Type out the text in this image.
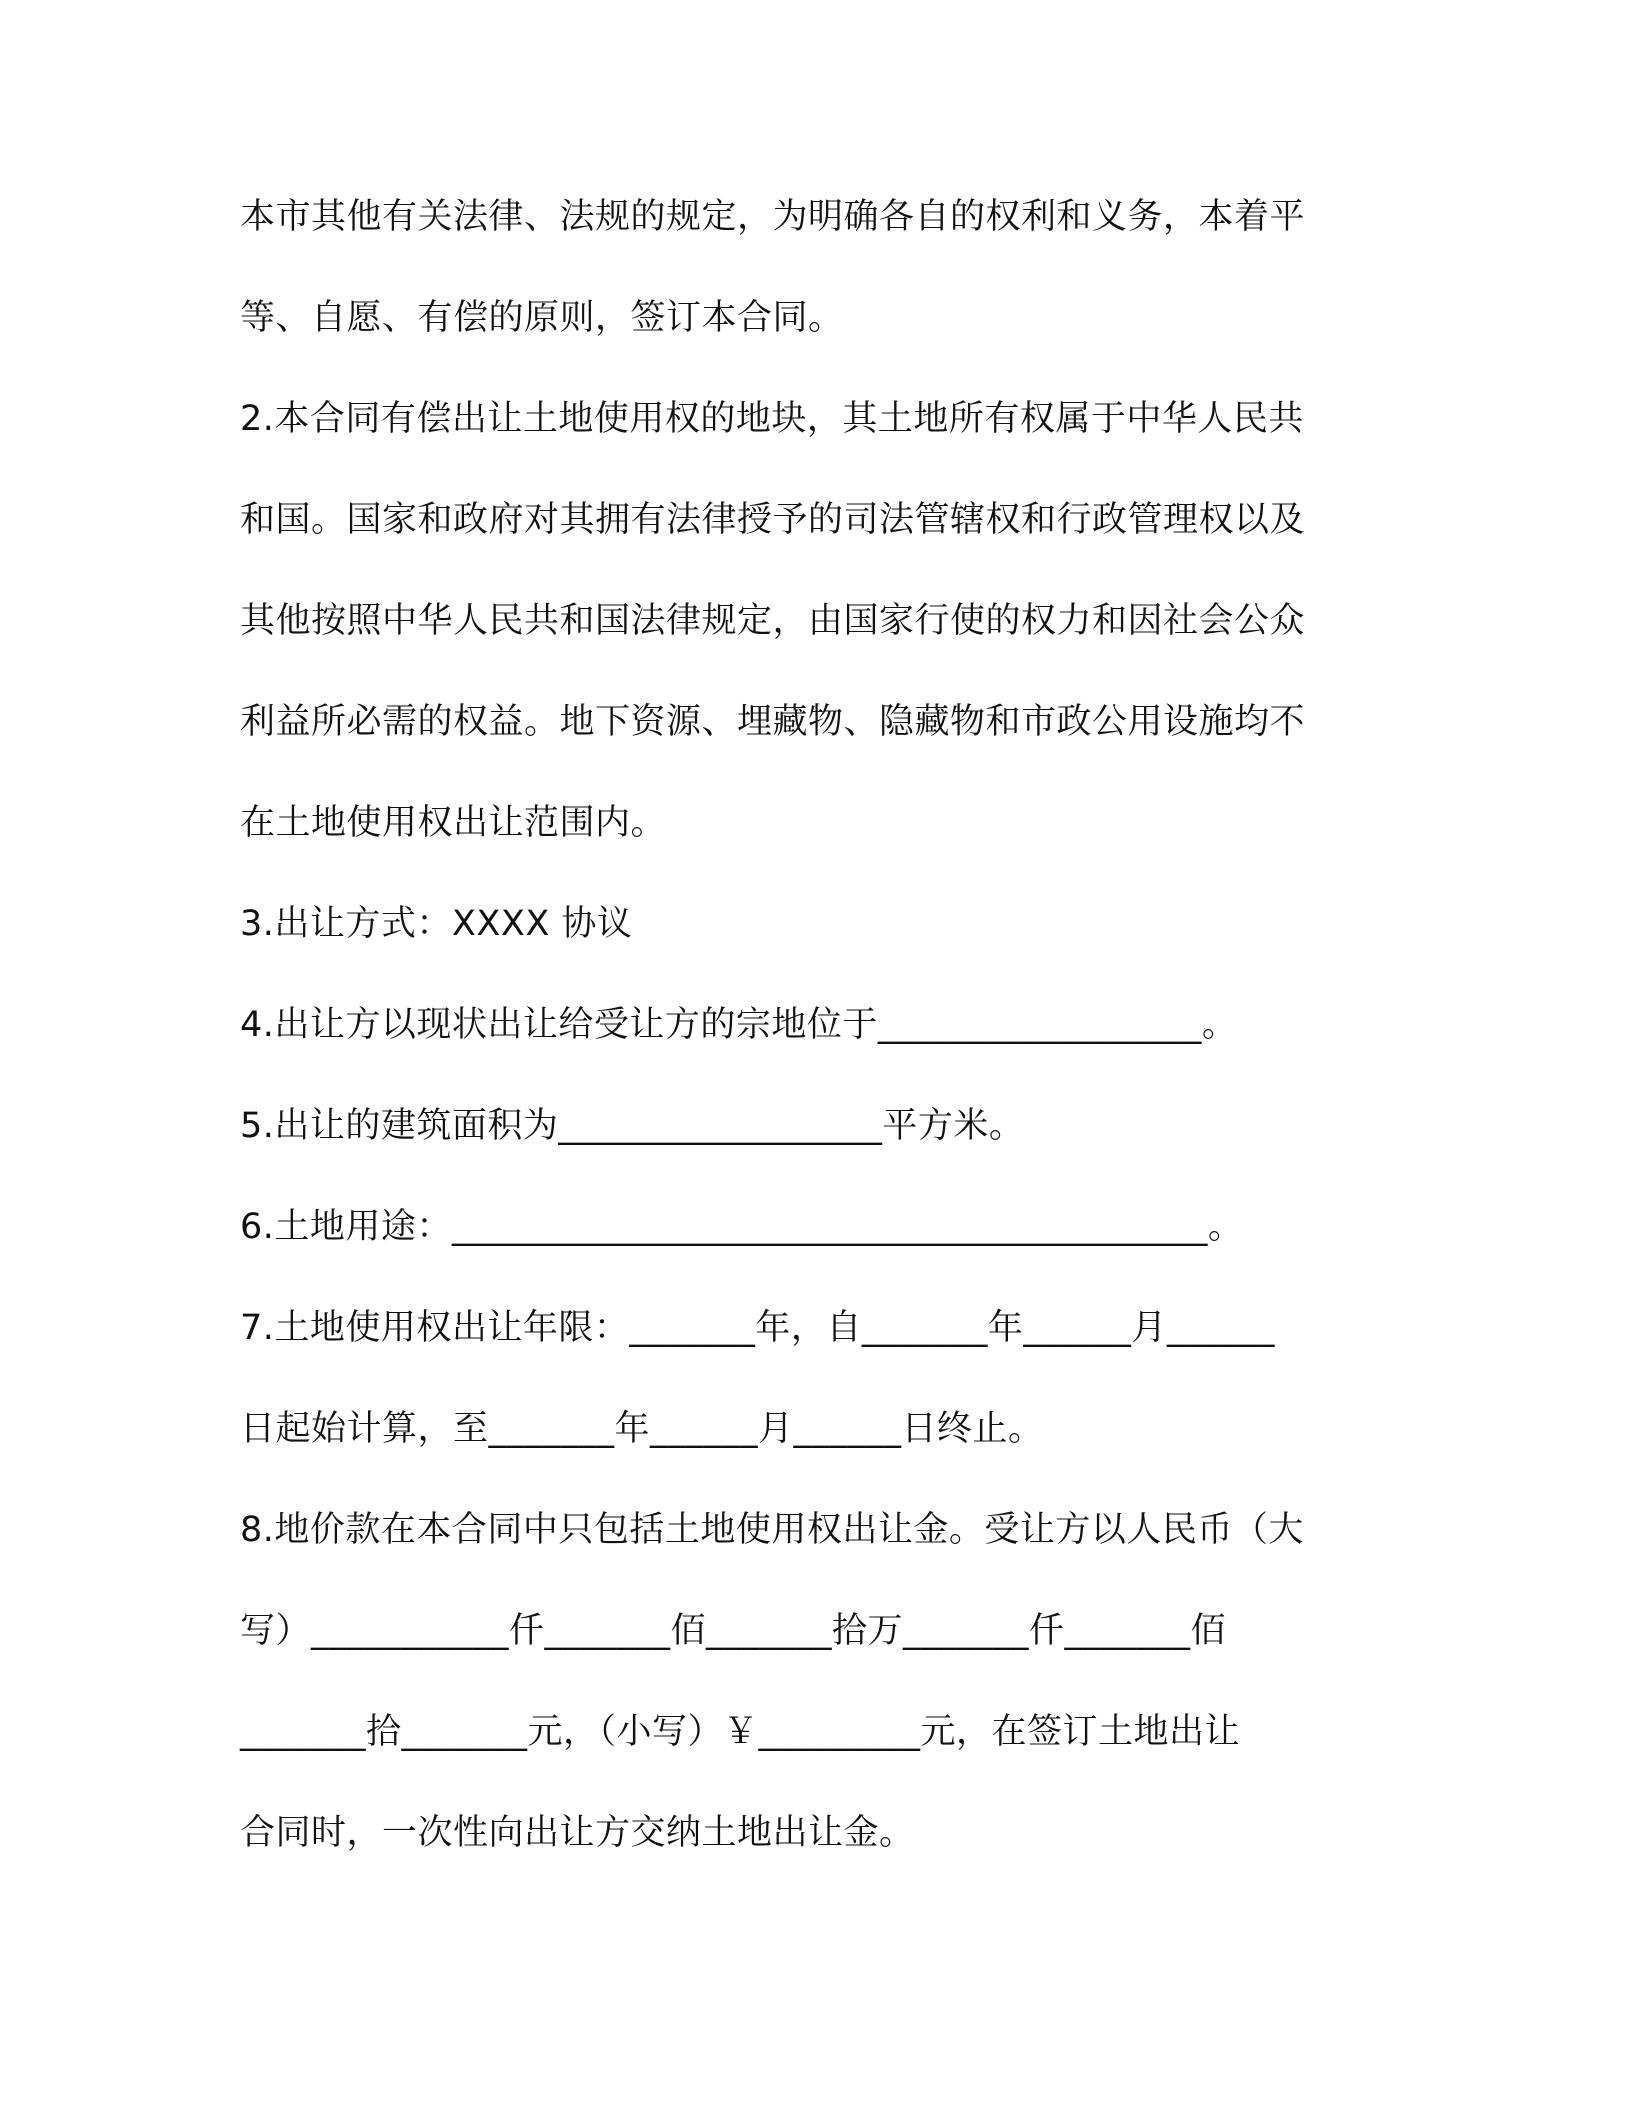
本市其他有关法律、法规的规定，为明确各自的权利和义务，本着平
等、自愿、有偿的原则，签订本合同。
2.本合同有偿出让土地使用权的地块，其土地所有权属于中华人民共
和国。国家和政府对其拥有法律授予的司法管辖权和行政管理权以及
其他按照中华人民共和国法律规定，由国家行使的权力和因社会公众
利益所必需的权益。地下资源、埋藏物、隐藏物和市政公用设施均不
在土地使用权出让范围内。
3.出让方式：XXXX 协议
4.出让方以现状出让给受让方的宗地位于__________________。
5.出让的建筑面积为__________________平方米。
6.土地用途：__________________________________________。
7.土地使用权出让年限：_______年，自_______年______月______
日起始计算，至_______年______月______日终止。
8.地价款在本合同中只包括土地使用权出让金。受让方以人民币（大
写）___________仟_______佰_______拾万_______仟_______佰
_______拾_______元，（小写）￥_________元，在签订土地出让
合同时，一次性向出让方交纳土地出让金。
